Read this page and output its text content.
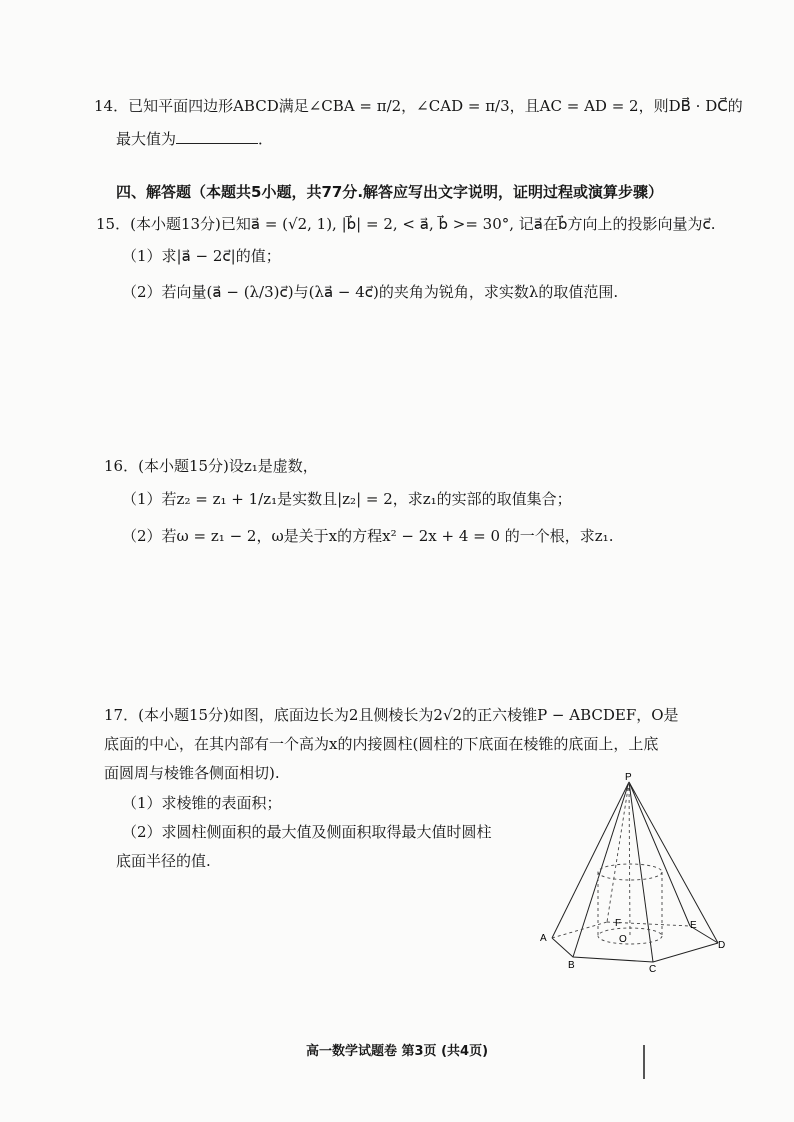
14．已知平面四边形ABCD满足∠CBA = π/2，∠CAD = π/3，且AC = AD = 2，则DB⃗ · DC⃗的
最大值为	．
四、解答题（本题共5小题，共77分.解答应写出文字说明，证明过程或演算步骤）
15．(本小题13分)已知a⃗ = (√2, 1), |b⃗| = 2, < a⃗, b⃗ >= 30°, 记a⃗在b⃗方向上的投影向量为c⃗.
（1）求|a⃗ − 2c⃗|的值；
（2）若向量(a⃗ − (λ/3)c⃗)与(λa⃗ − 4c⃗)的夹角为锐角，求实数λ的取值范围.
16．(本小题15分)设z₁是虚数，
（1）若z₂ = z₁ + 1/z₁是实数且|z₂| = 2，求z₁的实部的取值集合；
（2）若ω = z₁ − 2，ω是关于x的方程x² − 2x + 4 = 0 的一个根，求z₁.
17．(本小题15分)如图，底面边长为2且侧棱长为2√2的正六棱锥P − ABCDEF，O是
底面的中心，在其内部有一个高为x的内接圆柱(圆柱的下底面在棱锥的底面上，上底
面圆周与棱锥各侧面相切).
（1）求棱锥的表面积；
（2）求圆柱侧面积的最大值及侧面积取得最大值时圆柱
底面半径的值.
P
A
B	C
D
E
F
O
高一数学试题卷 第3页 (共4页)
